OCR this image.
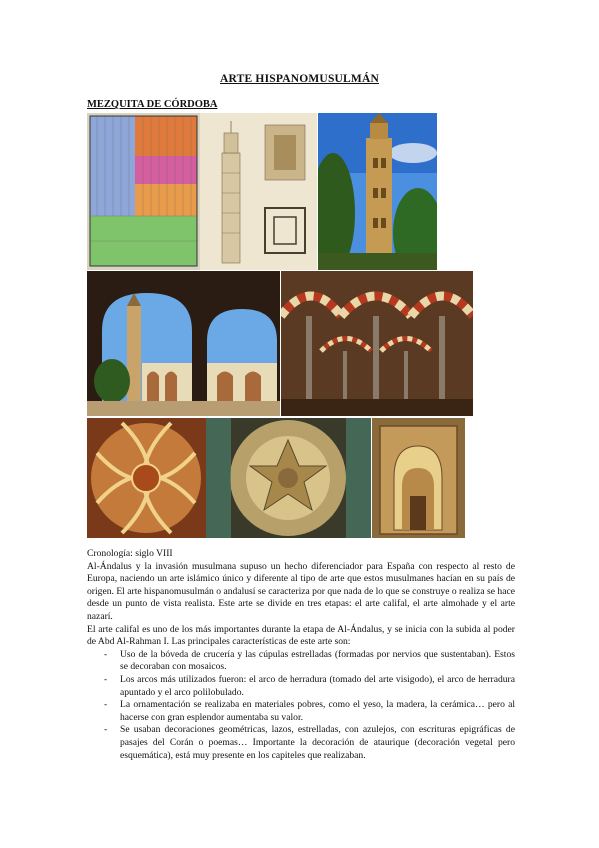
ARTE HISPANOMUSULMÁN
MEZQUITA DE CÓRDOBA

Cronología: siglo VIII

Al-Ándalus y la invasión musulmana supuso un hecho diferenciador para España con respecto al resto de Europa, naciendo un arte islámico único y diferente al tipo de arte que estos musulmanes hacían en su país de origen. El arte hispanomusulmán o andalusí se caracteriza por que nada de lo que se construye o realiza se hace desde un punto de vista realista. Este arte se divide en tres etapas: el arte califal, el arte almohade y el arte nazarí.

El arte califal es uno de los más importantes durante la etapa de Al-Ándalus, y se inicia con la subida al poder de Abd Al-Rahman I. Las principales características de este arte son:

- Uso de la bóveda de crucería y las cúpulas estrelladas (formadas por nervios que sustentaban). Estos se decoraban con mosaicos.
- Los arcos más utilizados fueron: el arco de herradura (tomado del arte visigodo), el arco de herradura apuntado y el arco polilobulado.
- La ornamentación se realizaba en materiales pobres, como el yeso, la madera, la cerámica… pero al hacerse con gran esplendor aumentaba su valor.
- Se usaban decoraciones geométricas, lazos, estrelladas, con azulejos, con escrituras epigráficas de pasajes del Corán o poemas… Importante la decoración de ataurique (decoración vegetal pero esquemática), está muy presente en los capiteles que realizaban.
